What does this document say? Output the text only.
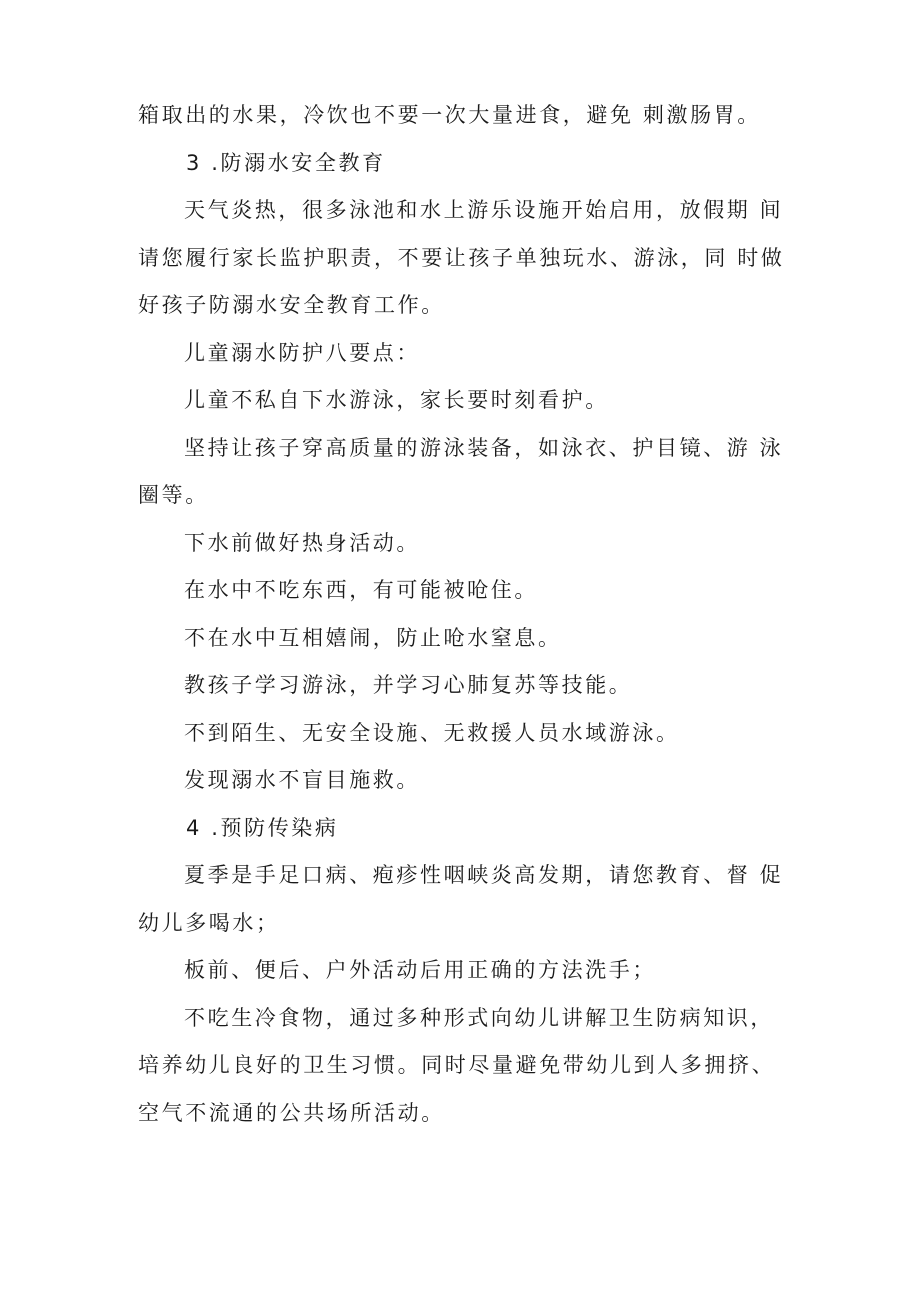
箱取出的水果，冷饮也不要一次大量进食，避免 刺激肠胃。

3 .防溺水安全教育

天气炎热，很多泳池和水上游乐设施开始启用，放假期 间请您履行家长监护职责，不要让孩子单独玩水、游泳，同 时做好孩子防溺水安全教育工作。

儿童溺水防护八要点：

儿童不私自下水游泳，家长要时刻看护。

坚持让孩子穿高质量的游泳装备，如泳衣、护目镜、游 泳圈等。

下水前做好热身活动。

在水中不吃东西，有可能被呛住。

不在水中互相嬉闹，防止呛水窒息。

教孩子学习游泳，并学习心肺复苏等技能。

不到陌生、无安全设施、无救援人员水域游泳。

发现溺水不盲目施救。

4 .预防传染病

夏季是手足口病、疱疹性咽峡炎高发期，请您教育、督 促幼儿多喝水；

板前、便后、户外活动后用正确的方法洗手；

不吃生冷食物，通过多种形式向幼儿讲解卫生防病知识，培养幼儿良好的卫生习惯。同时尽量避免带幼儿到人多拥挤、 空气不流通的公共场所活动。
